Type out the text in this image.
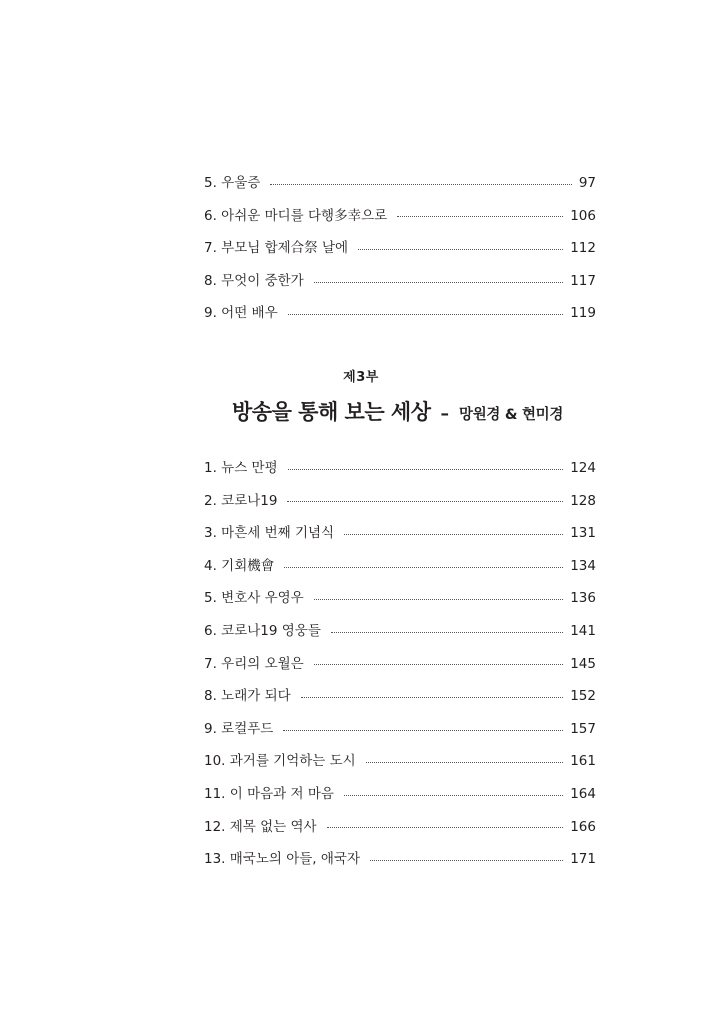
5. 우울증	97
6. 아쉬운 마디를 다행多幸으로	106
7. 부모님 합제合祭 날에	112
8. 무엇이 중한가	117
9. 어떤 배우	119
제3부
방송을 통해 보는 세상 – 망원경 & 현미경
1. 뉴스 만평	124
2. 코로나19	128
3. 마흔세 번째 기념식	131
4. 기회機會	134
5. 변호사 우영우	136
6. 코로나19 영웅들	141
7. 우리의 오월은	145
8. 노래가 되다	152
9. 로컬푸드	157
10. 과거를 기억하는 도시	161
11. 이 마음과 저 마음	164
12. 제목 없는 역사	166
13. 매국노의 아들, 애국자	171
